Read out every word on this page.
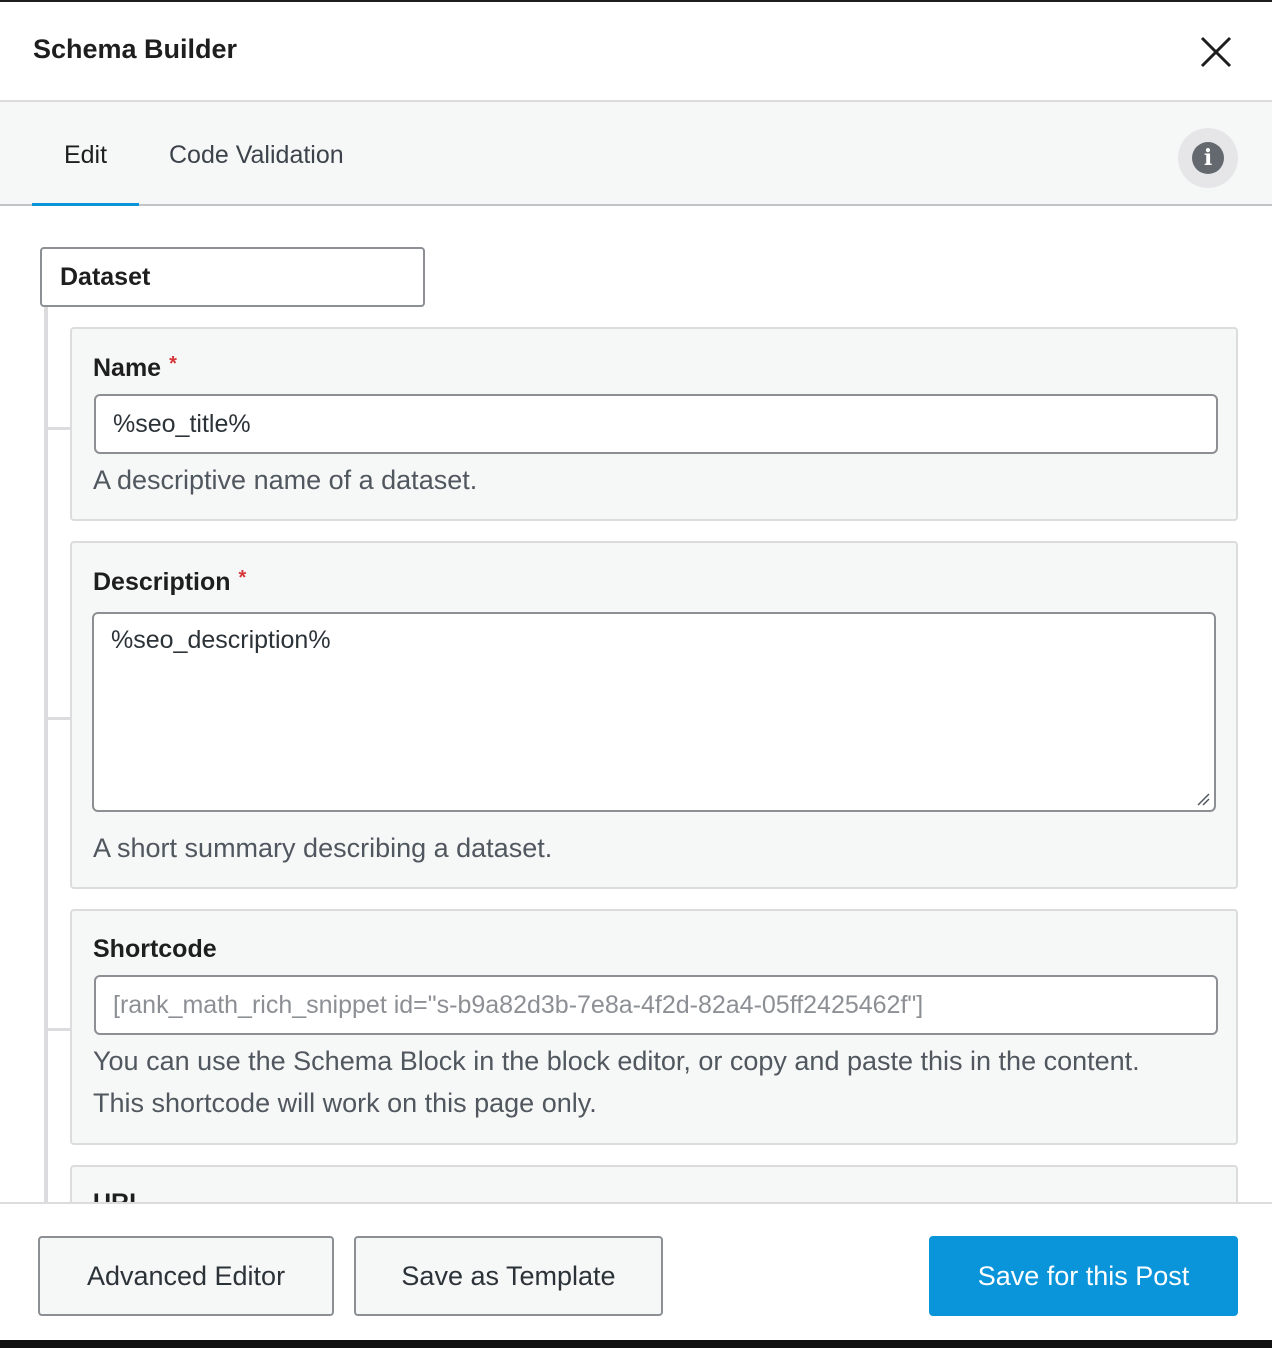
Schema Builder
Edit	Code Validation	i
Dataset
Name *
%seo_title%
A descriptive name of a dataset.
Description *
%seo_description%
A short summary describing a dataset.
Shortcode
[rank_math_rich_snippet id="s-b9a82d3b-7e8a-4f2d-82a4-05ff2425462f"]
You can use the Schema Block in the block editor, or copy and paste this in the content. This shortcode will work on this page only.
Advanced Editor	Save as Template	Save for this Post
